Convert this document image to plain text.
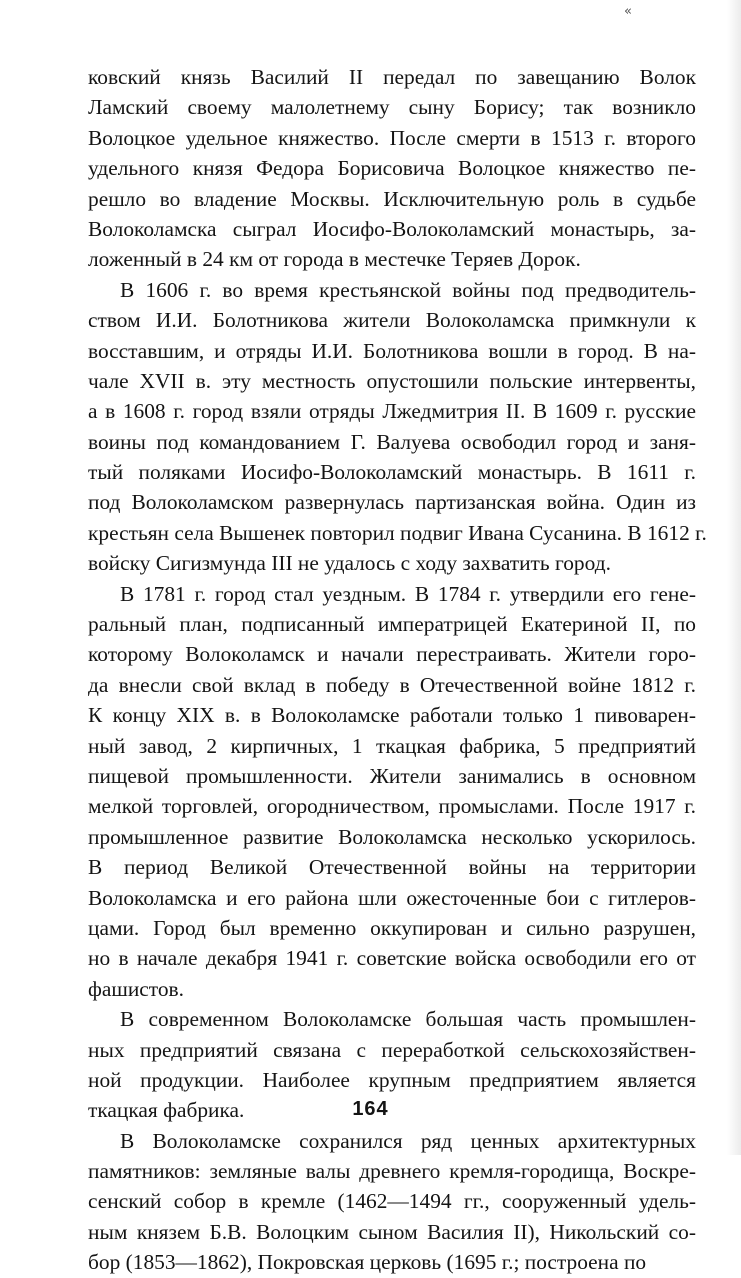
«
ковский князь Василий II передал по завещанию Волок
Ламский своему малолетнему сыну Борису; так возникло
Волоцкое удельное княжество. После смерти в 1513 г. второго
удельного князя Федора Борисовича Волоцкое княжество пе-
решло во владение Москвы. Исключительную роль в судьбе
Волоколамска сыграл Иосифо-Волоколамский монастырь, за-
ложенный в 24 км от города в местечке Теряев Дорок.
В 1606 г. во время крестьянской войны под предводитель-
ством И.И. Болотникова жители Волоколамска примкнули к
восставшим, и отряды И.И. Болотникова вошли в город. В на-
чале XVII в. эту местность опустошили польские интервенты,
а в 1608 г. город взяли отряды Лжедмитрия II. В 1609 г. русские
воины под командованием Г. Валуева освободил город и заня-
тый поляками Иосифо-Волоколамский монастырь. В 1611 г.
под Волоколамском развернулась партизанская война. Один из
крестьян села Вышенек повторил подвиг Ивана Сусанина. В 1612 г.
войску Сигизмунда III не удалось с ходу захватить город.
В 1781 г. город стал уездным. В 1784 г. утвердили его гене-
ральный план, подписанный императрицей Екатериной II, по
которому Волоколамск и начали перестраивать. Жители горо-
да внесли свой вклад в победу в Отечественной войне 1812 г.
К концу XIX в. в Волоколамске работали только 1 пивоварен-
ный завод, 2 кирпичных, 1 ткацкая фабрика, 5 предприятий
пищевой промышленности. Жители занимались в основном
мелкой торговлей, огородничеством, промыслами. После 1917 г.
промышленное развитие Волоколамска несколько ускорилось.
В период Великой Отечественной войны на территории
Волоколамска и его района шли ожесточенные бои с гитлеров-
цами. Город был временно оккупирован и сильно разрушен,
но в начале декабря 1941 г. советские войска освободили его от
фашистов.
В современном Волоколамске большая часть промышлен-
ных предприятий связана с переработкой сельскохозяйствен-
ной продукции. Наиболее крупным предприятием является
ткацкая фабрика.
В Волоколамске сохранился ряд ценных архитектурных
памятников: земляные валы древнего кремля-городища, Воскре-
сенский собор в кремле (1462—1494 гг., сооруженный удель-
ным князем Б.В. Волоцким сыном Василия II), Никольский со-
бор (1853—1862), Покровская церковь (1695 г.; построена по
164
